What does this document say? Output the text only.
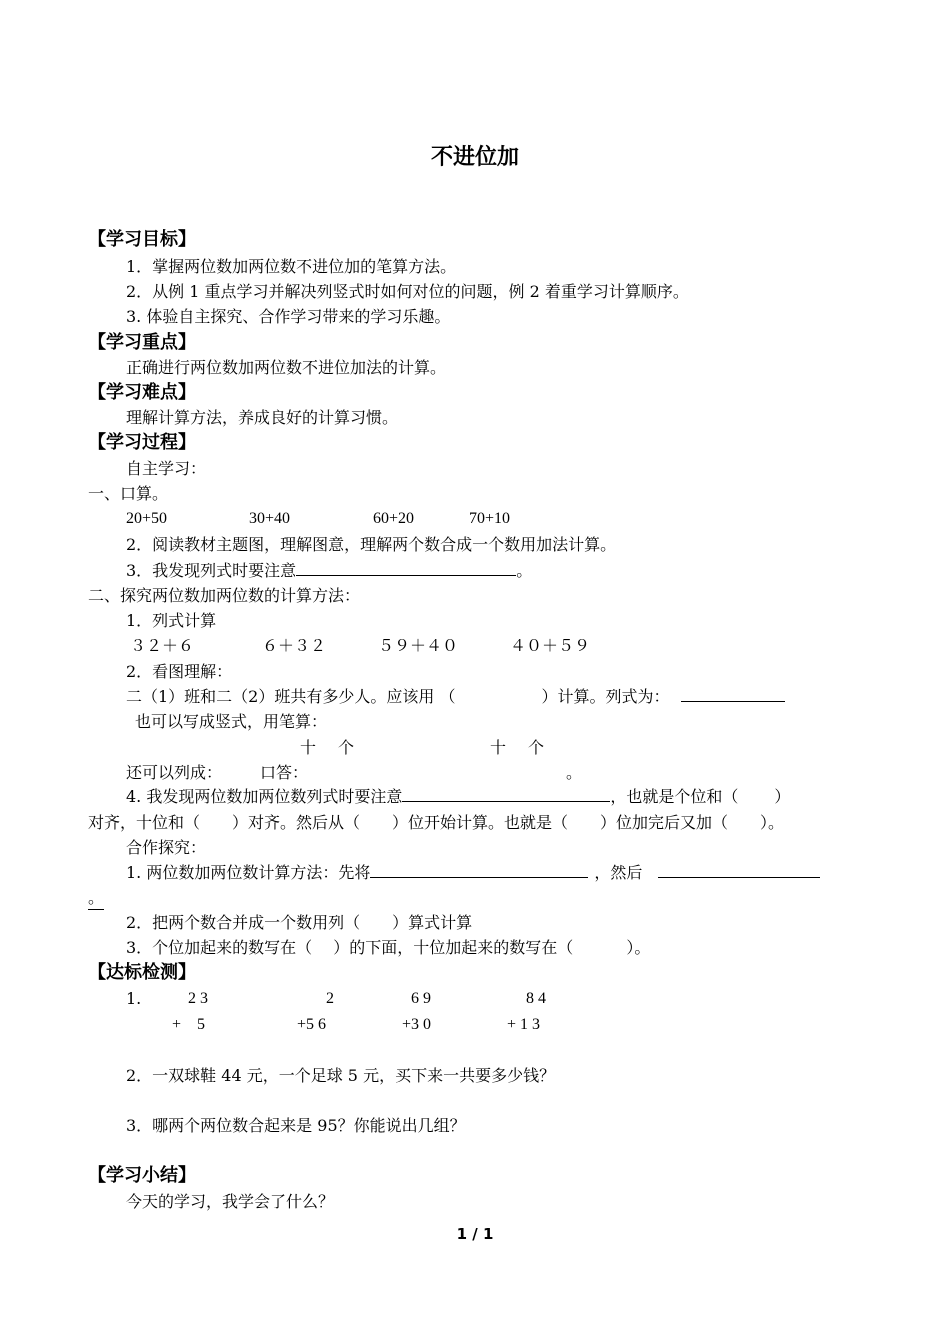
不进位加
【学习目标】
1．掌握两位数加两位数不进位加的笔算方法。
2．从例 1 重点学习并解决列竖式时如何对位的问题，例 2 着重学习计算顺序。
3. 体验自主探究、合作学习带来的学习乐趣。
【学习重点】
正确进行两位数加两位数不进位加法的计算。
【学习难点】
理解计算方法，养成良好的计算习惯。
【学习过程】
自主学习：
一、口算。
20+50	30+40	60+20	70+10
2．阅读教材主题图，理解图意，理解两个数合成一个数用加法计算。
3．我发现列式时要注意	。
二、探究两位数加两位数的计算方法：
1．列式计算
３２＋６	６＋３２	５９＋４０	４０＋５９
2．看图理解：
二（1）班和二（2）班共有多少人。应该用 （	）计算。列式为：
也可以写成竖式，用笔算：
十 个	十 个
还可以列成： 口答：	。
4. 我发现两位数加两位数列式时要注意	，也就是个位和（ ）
对齐，十位和（　　）对齐。然后从（　　）位开始计算。也就是（　　）位加完后又加（　　）。
合作探究：
1. 两位数加两位数计算方法：先将	，然后
。
2．把两个数合并成一个数用列（　　）算式计算
3．个位加起来的数写在（　 ）的下面，十位加起来的数写在（　　　 ）。
【达标检测】
1.	2 3	2	6 9	8 4
+　5	+5 6	+3 0	+ 1 3
2．一双球鞋 44 元，一个足球 5 元，买下来一共要多少钱？
3．哪两个两位数合起来是 95？你能说出几组？
【学习小结】
今天的学习，我学会了什么？
1 / 1
